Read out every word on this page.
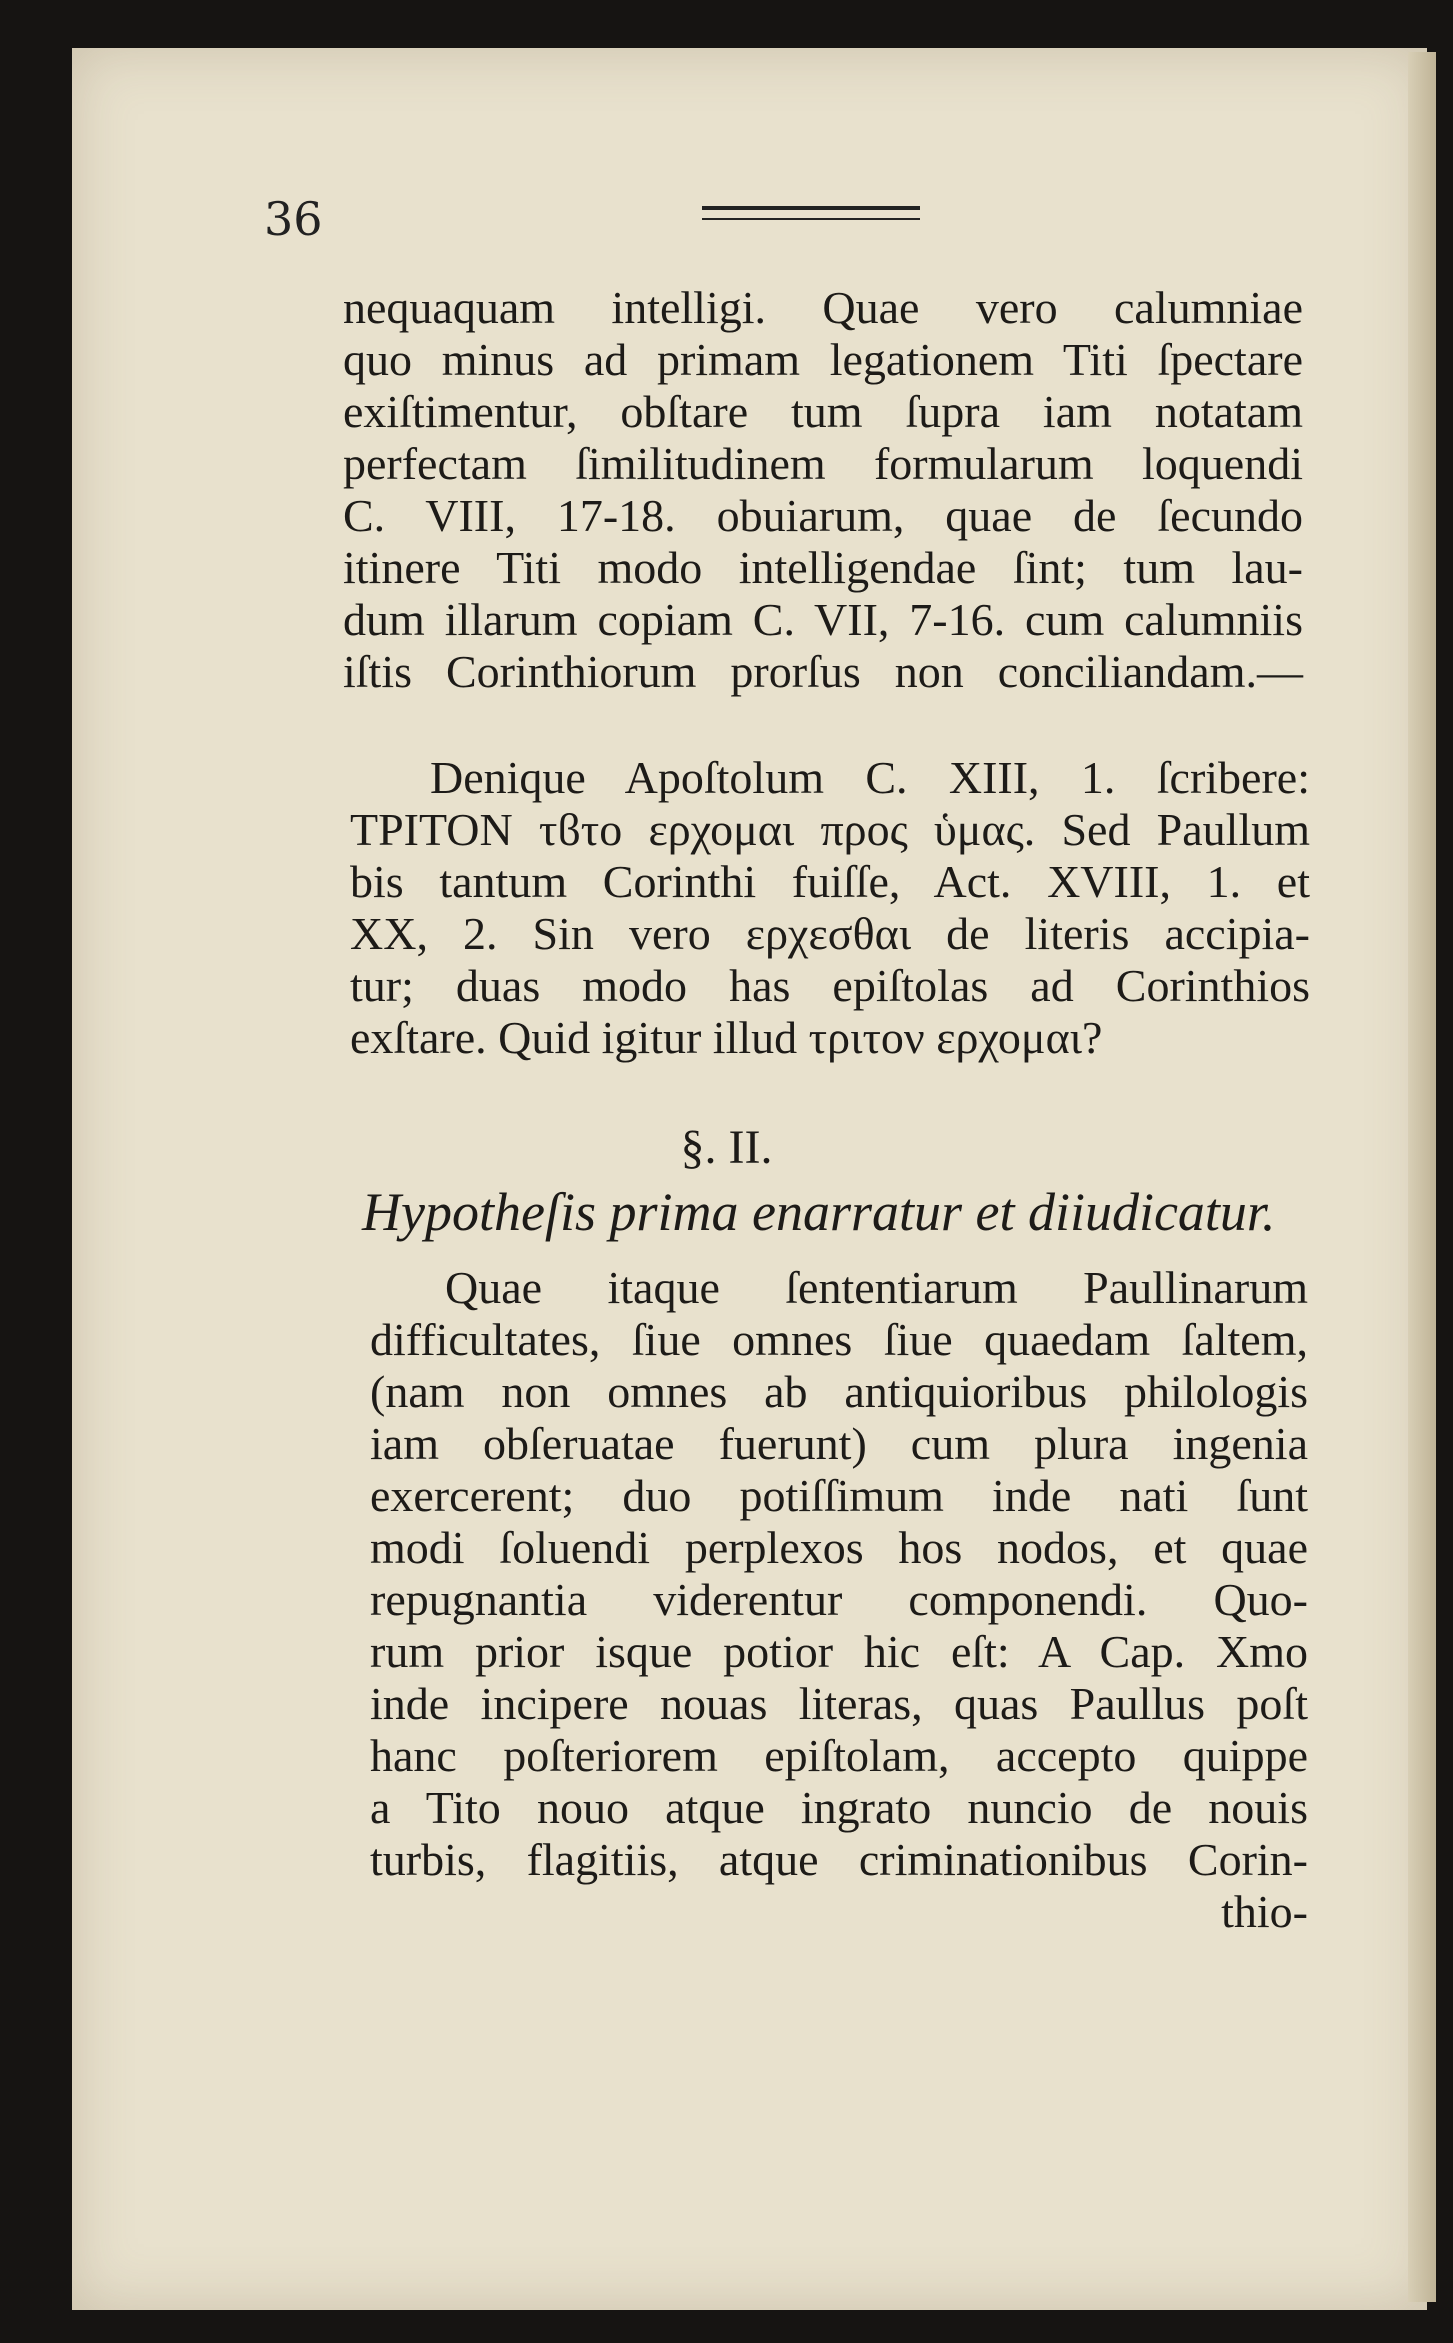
36
nequaquam intelligi. Quae vero calumniae
quo minus ad primam legationem Titi ſpectare
exiſtimentur, obſtare tum ſupra iam notatam
perfectam ſimilitudinem formularum loquendi
C. VIII, 17-18. obuiarum, quae de ſecundo
itinere Titi modo intelligendae ſint; tum lau-
dum illarum copiam C. VII, 7-16. cum calumniis
iſtis Corinthiorum prorſus non conciliandam.—
Denique Apoſtolum C. XIII, 1. ſcribere:
ΤΡΙΤΟΝ τϐτο ερχομαι προς ὑμας. Sed Paullum
bis tantum Corinthi fuiſſe, Act. XVIII, 1. et
XX, 2. Sin vero ερχεσθαι de literis accipia-
tur; duas modo has epiſtolas ad Corinthios
exſtare. Quid igitur illud τριτον ερχομαι?
§. II.
Hypotheſis prima enarratur et diiudicatur.
Quae itaque ſententiarum Paullinarum
difficultates, ſiue omnes ſiue quaedam ſaltem,
(nam non omnes ab antiquioribus philologis
iam obſeruatae fuerunt) cum plura ingenia
exercerent; duo potiſſimum inde nati ſunt
modi ſoluendi perplexos hos nodos, et quae
repugnantia viderentur componendi. Quo-
rum prior isque potior hic eſt: A Cap. Xmo
inde incipere nouas literas, quas Paullus poſt
hanc poſteriorem epiſtolam, accepto quippe
a Tito nouo atque ingrato nuncio de nouis
turbis, flagitiis, atque criminationibus Corin-
thio-
